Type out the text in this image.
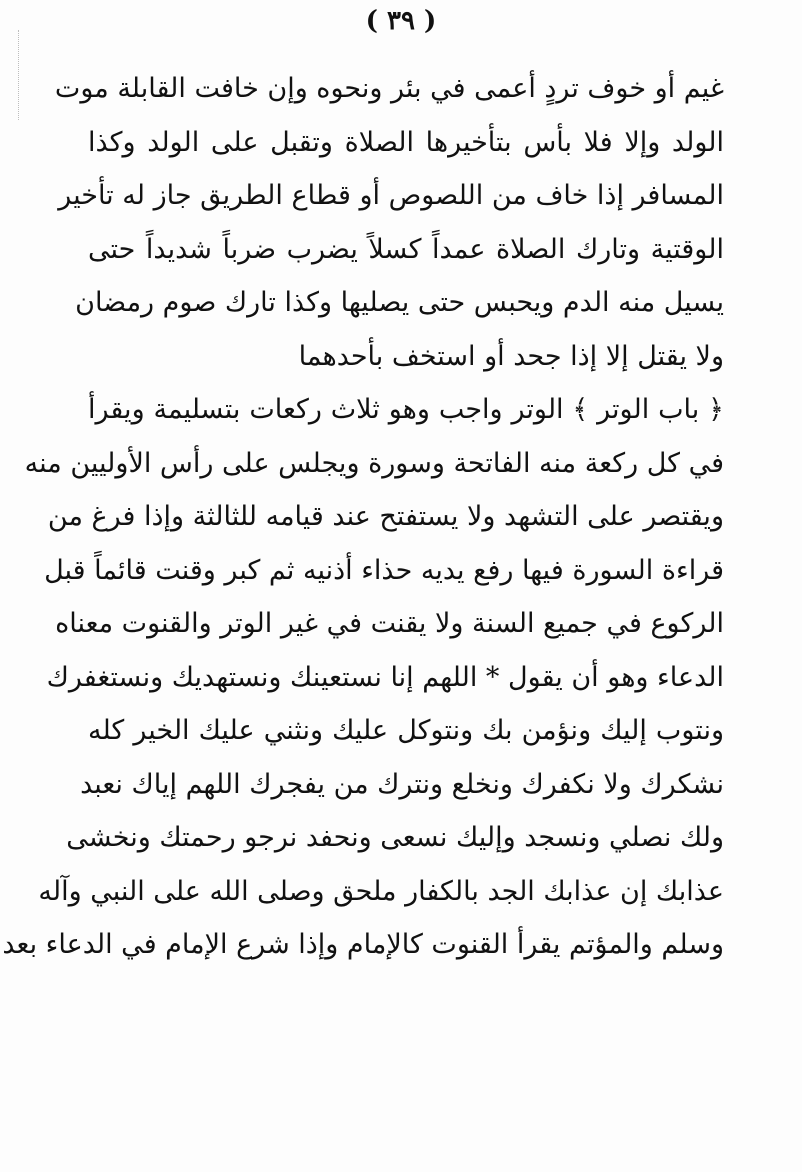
( ٣٩ )
غيم أو خوف تردٍ أعمى في بئر ونحوه وإن خافت القابلة موت
الولد وإلا فلا بأس بتأخيرها الصلاة وتقبل على الولد وكذا
المسافر إذا خاف من اللصوص أو قطاع الطريق جاز له تأخير
الوقتية وتارك الصلاة عمداً كسلاً يضرب ضرباً شديداً حتى
يسيل منه الدم ويحبس حتى يصليها وكذا تارك صوم رمضان
ولا يقتل إلا إذا جحد أو استخف بأحدهما
﴿ باب الوتر ﴾ الوتر واجب وهو ثلاث ركعات بتسليمة ويقرأ
في كل ركعة منه الفاتحة وسورة ويجلس على رأس الأوليين منه
ويقتصر على التشهد ولا يستفتح عند قيامه للثالثة وإذا فرغ من
قراءة السورة فيها رفع يديه حذاء أذنيه ثم كبر وقنت قائماً قبل
الركوع في جميع السنة ولا يقنت في غير الوتر والقنوت معناه
الدعاء وهو أن يقول * اللهم إنا نستعينك ونستهديك ونستغفرك
ونتوب إليك ونؤمن بك ونتوكل عليك ونثني عليك الخير كله
نشكرك ولا نكفرك ونخلع ونترك من يفجرك اللهم إياك نعبد
ولك نصلي ونسجد وإليك نسعى ونحفد نرجو رحمتك ونخشى
عذابك إن عذابك الجد بالكفار ملحق وصلى الله على النبي وآله
وسلم والمؤتم يقرأ القنوت كالإمام وإذا شرع الإمام في الدعاء بعد
